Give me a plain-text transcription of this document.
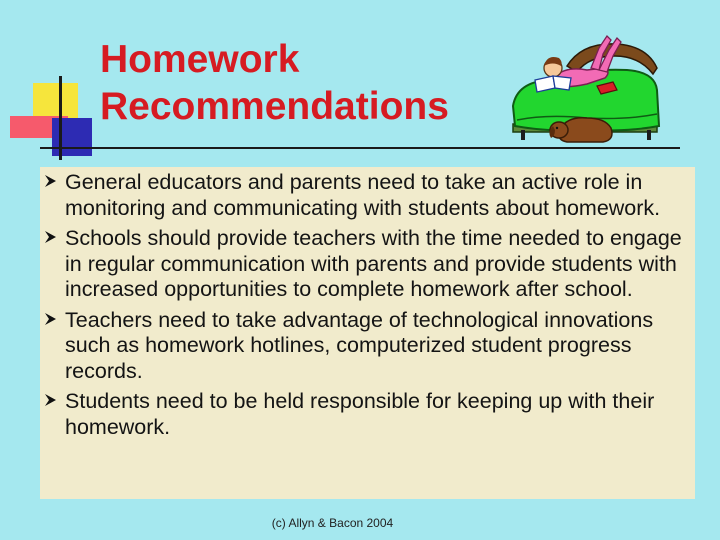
Homework
Recommendations
General educators and parents need to take an active role in monitoring and communicating with students about homework.
Schools should provide teachers with the time needed to engage in regular communication with parents and provide students with increased opportunities to complete homework after school.
Teachers need to take advantage of technological innovations such as homework hotlines, computerized student progress records.
Students need to be held responsible for keeping up with their homework.
(c) Allyn & Bacon 2004
